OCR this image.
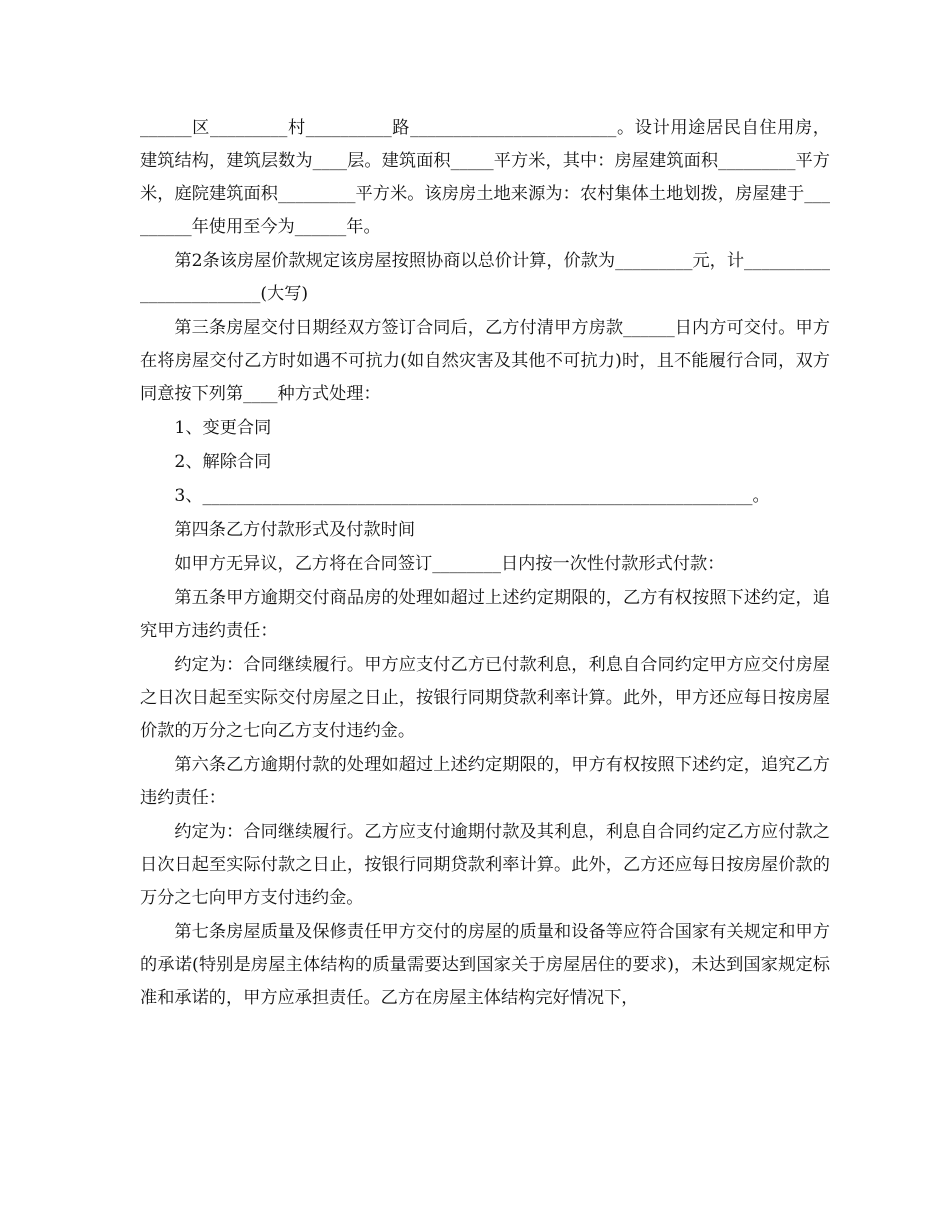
______区_________村__________路________________________。设计用途居民自住用房，建筑结构，建筑层数为____层。建筑面积_____平方米，其中：房屋建筑面积_________平方米，庭院建筑面积_________平方米。该房房土地来源为：农村集体土地划拨，房屋建于_________年使用至今为______年。

第2条该房屋价款规定该房屋按照协商以总价计算，价款为_________元，计________________________(大写)

第三条房屋交付日期经双方签订合同后，乙方付清甲方房款______日内方可交付。甲方在将房屋交付乙方时如遇不可抗力(如自然灾害及其他不可抗力)时，且不能履行合同，双方同意按下列第____种方式处理：

1、变更合同

2、解除合同

3、________________________________________________________________。

第四条乙方付款形式及付款时间

如甲方无异议，乙方将在合同签订________日内按一次性付款形式付款：

第五条甲方逾期交付商品房的处理如超过上述约定期限的，乙方有权按照下述约定，追究甲方违约责任：

约定为：合同继续履行。甲方应支付乙方已付款利息，利息自合同约定甲方应交付房屋之日次日起至实际交付房屋之日止，按银行同期贷款利率计算。此外，甲方还应每日按房屋价款的万分之七向乙方支付违约金。

第六条乙方逾期付款的处理如超过上述约定期限的，甲方有权按照下述约定，追究乙方违约责任：

约定为：合同继续履行。乙方应支付逾期付款及其利息，利息自合同约定乙方应付款之日次日起至实际付款之日止，按银行同期贷款利率计算。此外，乙方还应每日按房屋价款的万分之七向甲方支付违约金。

第七条房屋质量及保修责任甲方交付的房屋的质量和设备等应符合国家有关规定和甲方的承诺(特别是房屋主体结构的质量需要达到国家关于房屋居住的要求)，未达到国家规定标准和承诺的，甲方应承担责任。乙方在房屋主体结构完好情况下，
